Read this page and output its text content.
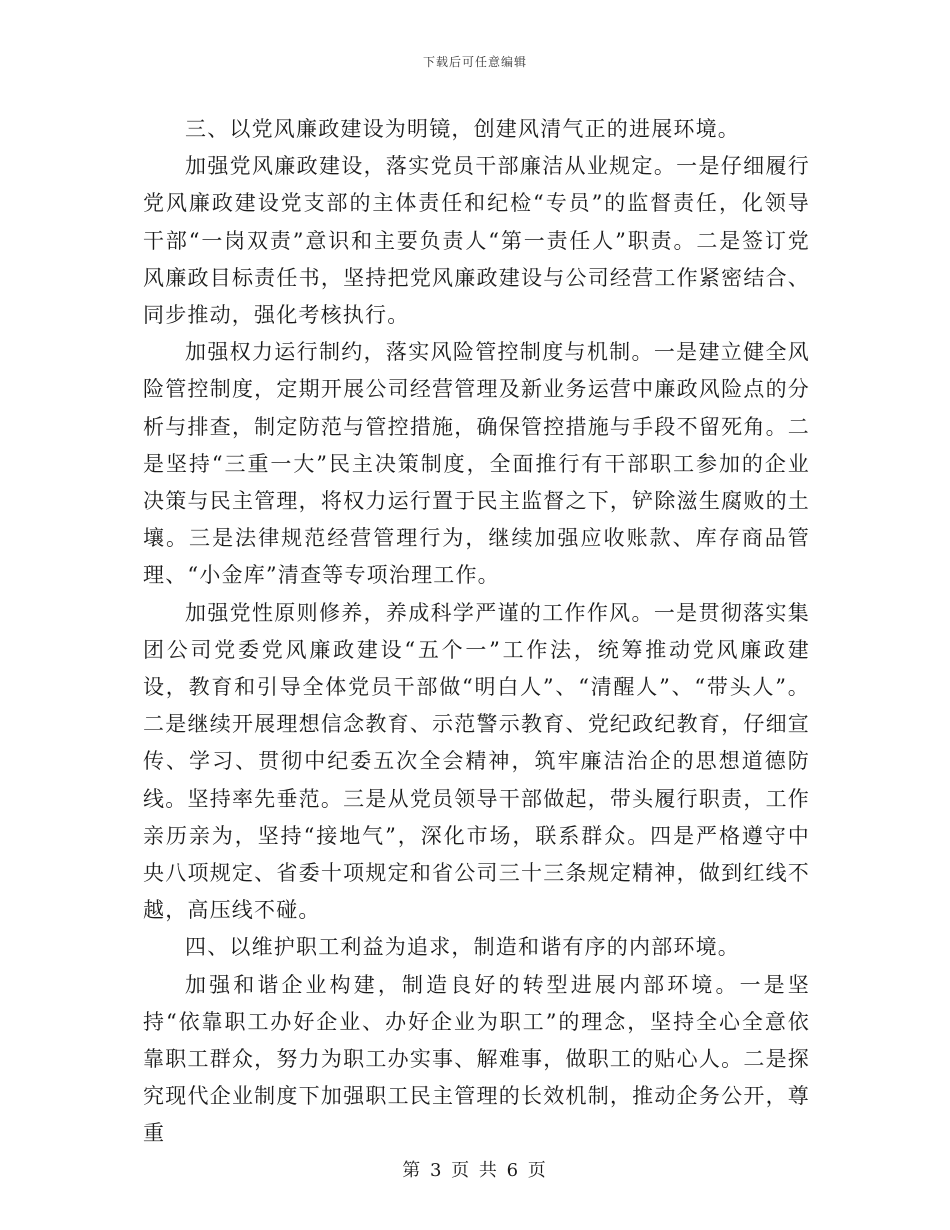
下载后可任意编辑

三、以党风廉政建设为明镜，创建风清气正的进展环境。

加强党风廉政建设，落实党员干部廉洁从业规定。一是仔细履行党风廉政建设党支部的主体责任和纪检“专员”的监督责任，化领导干部“一岗双责”意识和主要负责人“第一责任人”职责。二是签订党风廉政目标责任书，坚持把党风廉政建设与公司经营工作紧密结合、同步推动，强化考核执行。

加强权力运行制约，落实风险管控制度与机制。一是建立健全风险管控制度，定期开展公司经营管理及新业务运营中廉政风险点的分析与排查，制定防范与管控措施，确保管控措施与手段不留死角。二是坚持“三重一大”民主决策制度，全面推行有干部职工参加的企业决策与民主管理，将权力运行置于民主监督之下，铲除滋生腐败的土壤。三是法律规范经营管理行为，继续加强应收账款、库存商品管理、“小金库”清查等专项治理工作。

加强党性原则修养，养成科学严谨的工作作风。一是贯彻落实集团公司党委党风廉政建设“五个一”工作法，统筹推动党风廉政建设，教育和引导全体党员干部做“明白人”、“清醒人”、“带头人”。二是继续开展理想信念教育、示范警示教育、党纪政纪教育，仔细宣传、学习、贯彻中纪委五次全会精神，筑牢廉洁治企的思想道德防线。坚持率先垂范。三是从党员领导干部做起，带头履行职责，工作亲历亲为，坚持“接地气”，深化市场，联系群众。四是严格遵守中央八项规定、省委十项规定和省公司三十三条规定精神，做到红线不越，高压线不碰。

四、以维护职工利益为追求，制造和谐有序的内部环境。

加强和谐企业构建，制造良好的转型进展内部环境。一是坚持“依靠职工办好企业、办好企业为职工”的理念，坚持全心全意依靠职工群众，努力为职工办实事、解难事，做职工的贴心人。二是探究现代企业制度下加强职工民主管理的长效机制，推动企务公开，尊重

第 3 页 共 6 页
